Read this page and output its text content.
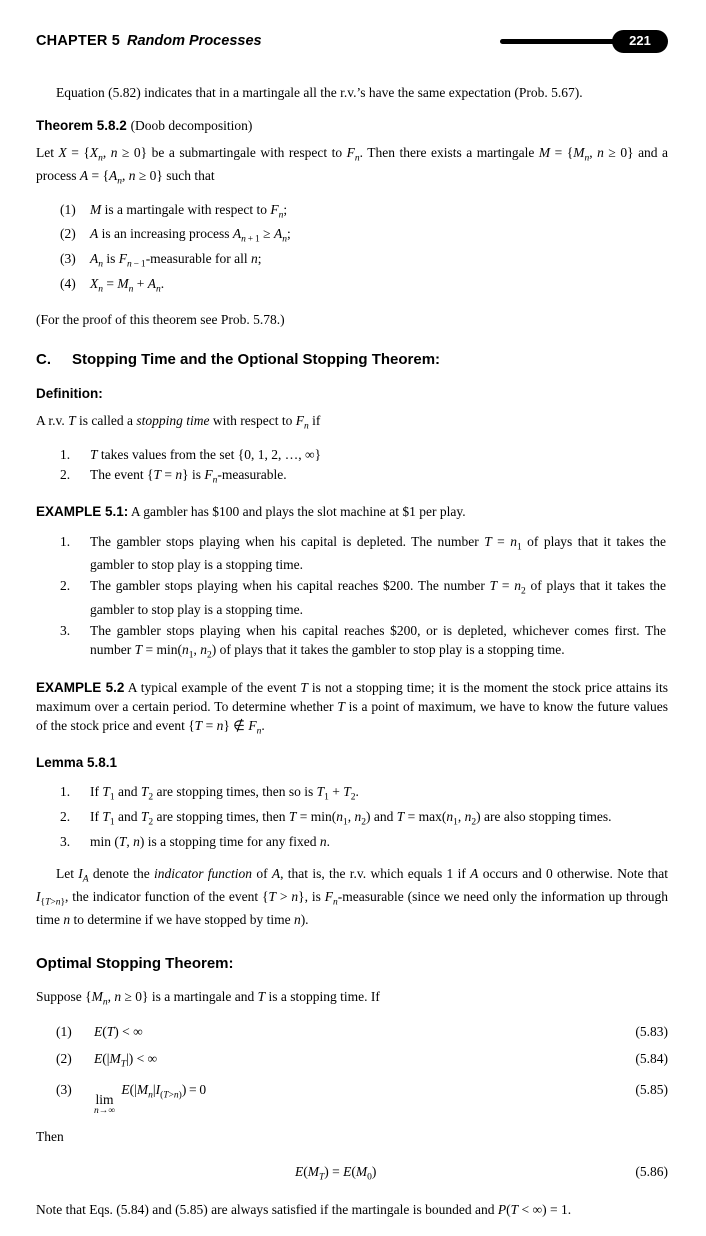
CHAPTER 5 Random Processes	221

Equation (5.82) indicates that in a martingale all the r.v.’s have the same expectation (Prob. 5.67).

Theorem 5.8.2 (Doob decomposition)

Let $X = \{X_n$, n ≥ 0} be a submartingale with respect to $F_n$. Then there exists a martingale $M = \{M_n$, n ≥ 0} and a process $A = \{A_n$, n ≥ 0} such that

(1)	M is a martingale with respect to $F_n$;
(2)	A is an increasing process $A_{n + 1} \ge A_n$;
(3)	$A_n$ is $F_{n - 1}$-measurable for all n;
(4)	$X_n = M_n + A_n$.

(For the proof of this theorem see Prob. 5.78.)

C.	Stopping Time and the Optional Stopping Theorem:
Definition:

A r.v. T is called a stopping time with respect to $F_n$ if

1.	T takes values from the set {0, 1, 2, …, ∞}
2.	The event {T = n} is $F_n$-measurable.

EXAMPLE 5.1: A gambler has $100 and plays the slot machine at $1 per play.

1.	The gambler stops playing when his capital is depleted. The number $T = n_1$ of plays that it takes the gambler to stop play is a stopping time.
2.	The gambler stops playing when his capital reaches $200. The number $T = n_2$ of plays that it takes the gambler to stop play is a stopping time.
3.	The gambler stops playing when his capital reaches $200, or is depleted, whichever comes first. The number $T = \min(n_1$, $n_2$) of plays that it takes the gambler to stop play is a stopping time.

EXAMPLE 5.2 A typical example of the event T is not a stopping time; it is the moment the stock price attains its maximum over a certain period. To determine whether T is a point of maximum, we have to know the future values of the stock price and event {T = n} ∉ $F_n$.

Lemma 5.8.1
1.	If $T_1$ and $T_2$ are stopping times, then so is $T_1 + T_2$.
2.	If $T_1$ and $T_2$ are stopping times, then $T = \min(n_1$, $n_2$) and $T = \max(n_1$, $n_2$) are also stopping times.
3.	min (T, n) is a stopping time for any fixed n.

Let $I_A$ denote the indicator function of A, that is, the r.v. which equals 1 if A occurs and 0 otherwise. Note that $I_{\{T>n\}}$, the indicator function of the event {T > n}, is $F_n$-measurable (since we need only the information up through time n to determine if we have stopped by time n).

Optimal Stopping Theorem:

Suppose {$M_n$, n ≥ 0} is a martingale and T is a stopping time. If

(1)	E(T) < ∞	(5.83)
(2)	$E(|M_T|)$ < ∞	(5.84)
(3)
lim
n→∞
$E(|M_n|I_{(T>n)}) = 0$	(5.85)

Then

$E(M_T) = E(M_0)$	(5.86)

Note that Eqs. (5.84) and (5.85) are always satisfied if the martingale is bounded and P(T < ∞) = 1.
